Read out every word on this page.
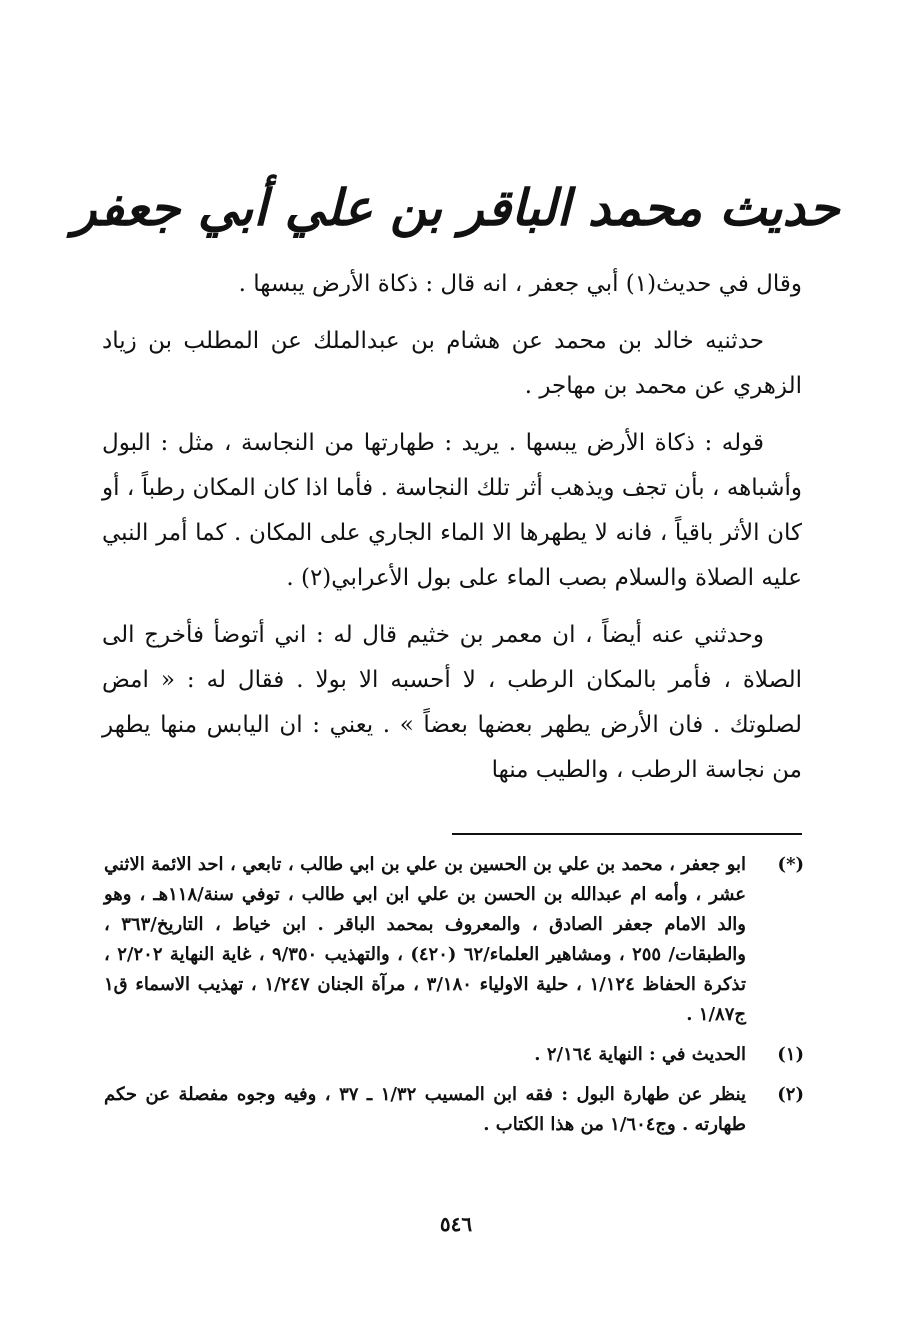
حديث محمد الباقر بن علي أبي جعفر

وقال في حديث(١) أبي جعفر ، انه قال : ذكاة الأرض يبسها .

حدثنيه خالد بن محمد عن هشام بن عبدالملك عن المطلب بن زياد الزهري عن محمد بن مهاجر .

قوله : ذكاة الأرض يبسها . يريد : طهارتها من النجاسة ، مثل : البول وأشباهه ، بأن تجف ويذهب أثر تلك النجاسة . فأما اذا كان المكان رطباً ، أو كان الأثر باقياً ، فانه لا يطهرها الا الماء الجاري على المكان . كما أمر النبي عليه الصلاة والسلام بصب الماء على بول الأعرابي(٢) .

وحدثني عنه أيضاً ، ان معمر بن خثيم قال له : اني أتوضأ فأخرج الى الصلاة ، فأمر بالمكان الرطب ، لا أحسبه الا بولا . فقال له : « امض لصلوتك . فان الأرض يطهر بعضها بعضاً » . يعني : ان اليابس منها يطهر من نجاسة الرطب ، والطيب منها

(*)
ابو جعفر ، محمد بن علي بن الحسين بن علي بن ابي طالب ، تابعي ، احد الائمة الاثني عشر ، وأمه ام عبدالله بن الحسن بن علي ابن ابي طالب ، توفي سنة/١١٨هـ ، وهو والد الامام جعفر الصادق ، والمعروف بمحمد الباقر . ابن خياط ، التاريخ/٣٦٣ ، والطبقات/ ٢٥٥ ، ومشاهير العلماء/٦٢ (٤٢٠) ، والتهذيب ٩/٣٥٠ ، غاية النهاية ٢/٢٠٢ ، تذكرة الحفاظ ١/١٢٤ ، حلية الاولياء ٣/١٨٠ ، مرآة الجنان ١/٢٤٧ ، تهذيب الاسماء ق١ ج١/٨٧ .
(١)
الحديث في : النهاية ٢/١٦٤ .
(٢)
ينظر عن طهارة البول : فقه ابن المسيب ١/٣٢ ـ ٣٧ ، وفيه وجوه مفصلة عن حكم طهارته . وج١/٦٠٤ من هذا الكتاب .
٥٤٦
